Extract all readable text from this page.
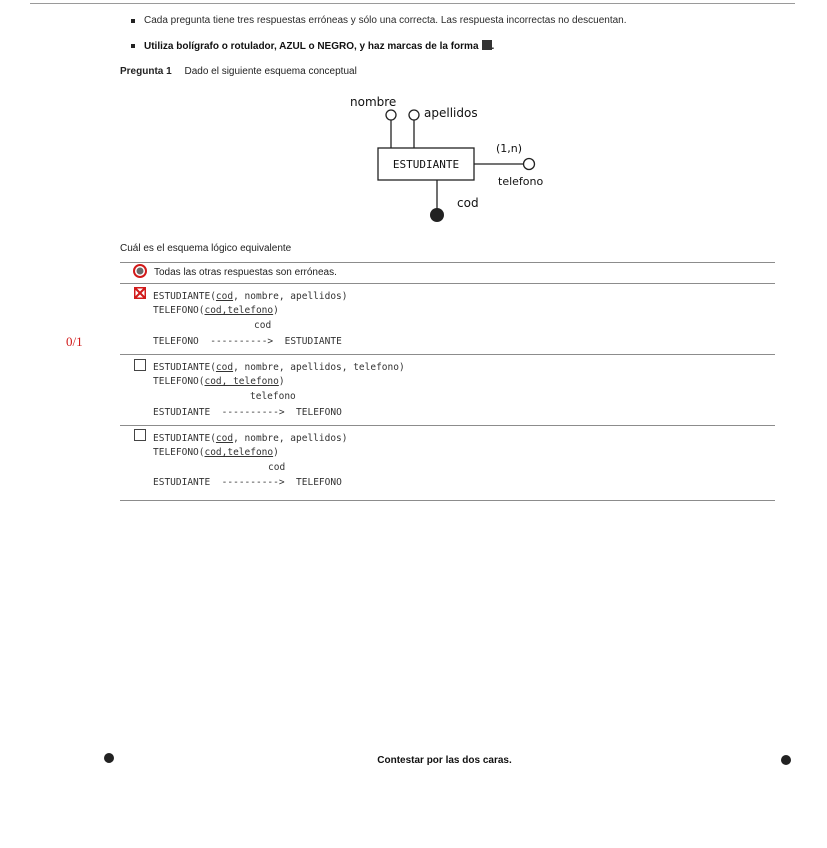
Cada pregunta tiene tres respuestas erróneas y sólo una correcta. Las respuesta incorrectas no descuentan.
Utiliza bolígrafo o rotulador, AZUL o NEGRO, y haz marcas de la forma .
Pregunta 1 Dado el siguiente esquema conceptual
nombre
apellidos
ESTUDIANTE
(1,n)
telefono
cod
Cuál es el esquema lógico equivalente
Todas las otras respuestas son erróneas.
ESTUDIANTE(cod, nombre, apellidos)
TELEFONO(cod,telefono)
cod
TELEFONO ----------> ESTUDIANTE
0/1
ESTUDIANTE(cod, nombre, apellidos, telefono)
TELEFONO(cod, telefono)
telefono
ESTUDIANTE ----------> TELEFONO
ESTUDIANTE(cod, nombre, apellidos)
TELEFONO(cod,telefono)
cod
ESTUDIANTE ----------> TELEFONO
Contestar por las dos caras.
